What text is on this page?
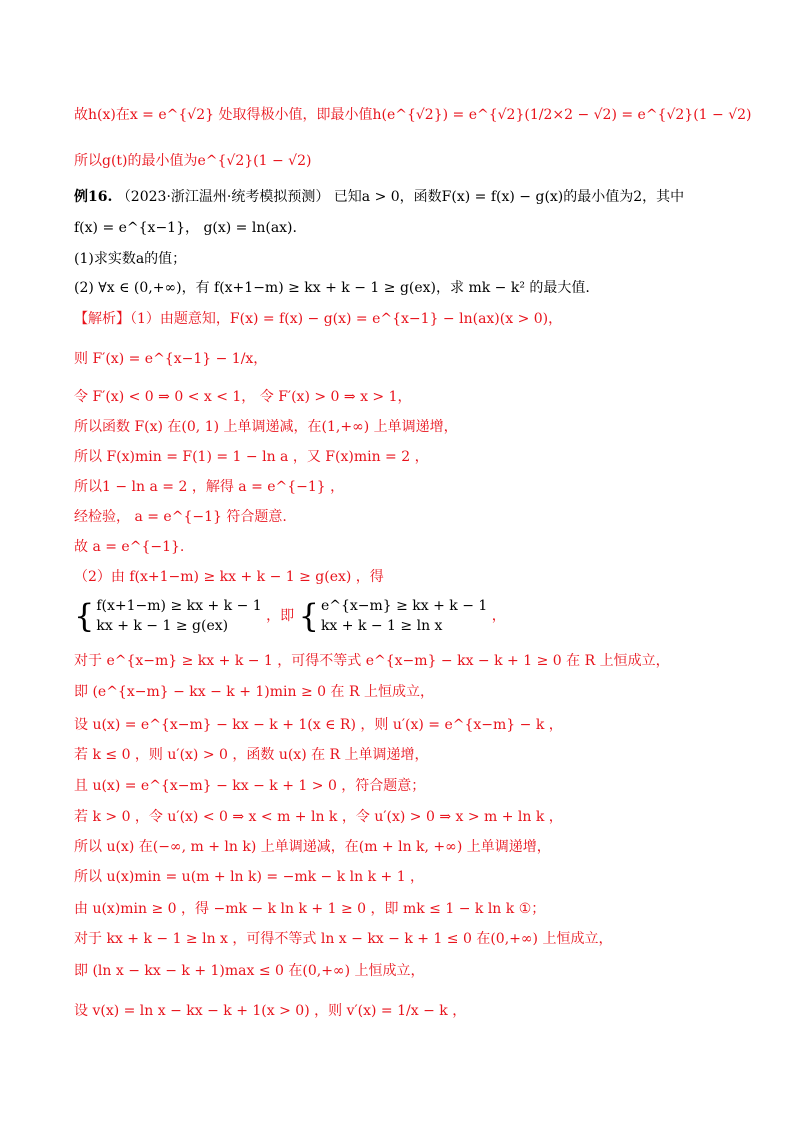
故h(x)在x = e^{√2} 处取得极小值，即最小值h(e^{√2}) = e^{√2}(1/2×2 − √2) = e^{√2}(1 − √2)
所以g(t)的最小值为e^{√2}(1 − √2)
例16. （2023·浙江温州·统考模拟预测） 已知a > 0，函数F(x) = f(x) − g(x)的最小值为2，其中
f(x) = e^{x−1}， g(x) = ln(ax).
(1)求实数a的值；
(2) ∀x ∈ (0,+∞)，有 f(x+1−m) ≥ kx + k − 1 ≥ g(ex)，求 mk − k² 的最大值.
【解析】（1）由题意知，F(x) = f(x) − g(x) = e^{x−1} − ln(ax)(x > 0)，
则 F′(x) = e^{x−1} − 1/x，
令 F′(x) < 0 ⇒ 0 < x < 1， 令 F′(x) > 0 ⇒ x > 1，
所以函数 F(x) 在(0, 1) 上单调递减，在(1,+∞) 上单调递增，
所以 F(x)min = F(1) = 1 − ln a ，又 F(x)min = 2 ，
所以1 − ln a = 2 ，解得 a = e^{−1} ，
经检验， a = e^{−1} 符合题意.
故 a = e^{−1}.
（2）由 f(x+1−m) ≥ kx + k − 1 ≥ g(ex) ，得
{ f(x+1−m) ≥ kx + k − 1
kx + k − 1 ≥ g(ex)
，即 { e^{x−m} ≥ kx + k − 1
kx + k − 1 ≥ ln x
，
对于 e^{x−m} ≥ kx + k − 1 ，可得不等式 e^{x−m} − kx − k + 1 ≥ 0 在 R 上恒成立，
即 (e^{x−m} − kx − k + 1)min ≥ 0 在 R 上恒成立，
设 u(x) = e^{x−m} − kx − k + 1(x ∈ R) ，则 u′(x) = e^{x−m} − k ，
若 k ≤ 0 ，则 u′(x) > 0 ，函数 u(x) 在 R 上单调递增，
且 u(x) = e^{x−m} − kx − k + 1 > 0 ，符合题意；
若 k > 0 ，令 u′(x) < 0 ⇒ x < m + ln k ，令 u′(x) > 0 ⇒ x > m + ln k ，
所以 u(x) 在(−∞, m + ln k) 上单调递减，在(m + ln k, +∞) 上单调递增，
所以 u(x)min = u(m + ln k) = −mk − k ln k + 1 ，
由 u(x)min ≥ 0 ，得 −mk − k ln k + 1 ≥ 0 ，即 mk ≤ 1 − k ln k ①；
对于 kx + k − 1 ≥ ln x ，可得不等式 ln x − kx − k + 1 ≤ 0 在(0,+∞) 上恒成立，
即 (ln x − kx − k + 1)max ≤ 0 在(0,+∞) 上恒成立，
设 v(x) = ln x − kx − k + 1(x > 0) ，则 v′(x) = 1/x − k ，
